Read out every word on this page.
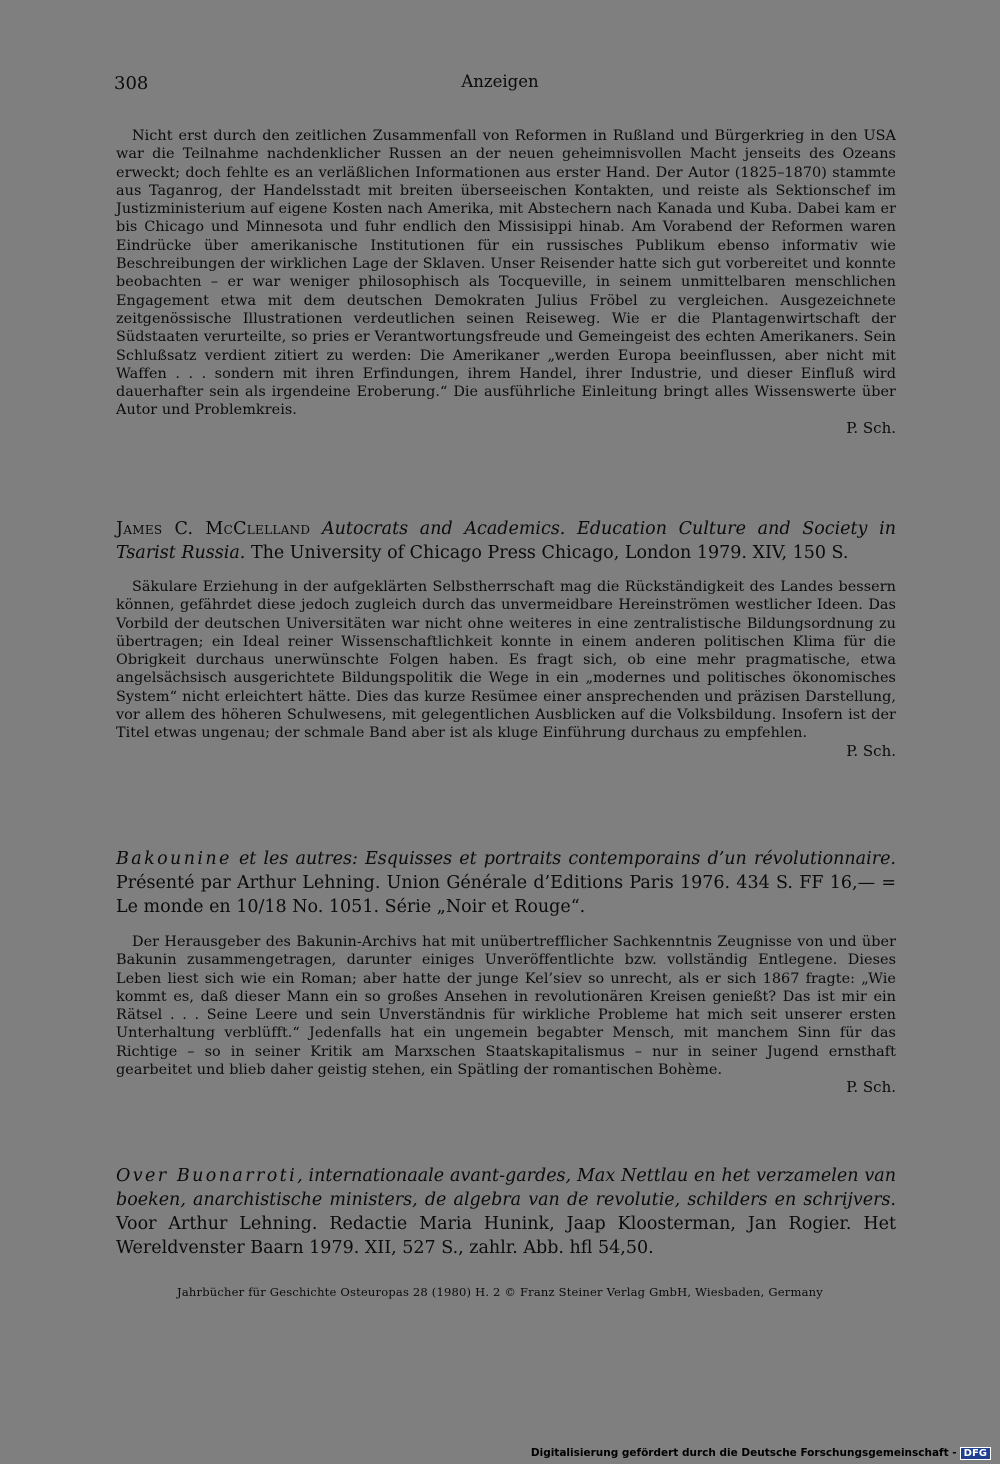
308	Anzeigen

Nicht erst durch den zeitlichen Zusammenfall von Reformen in Rußland und Bürgerkrieg in den USA war die Teilnahme nachdenklicher Russen an der neuen geheimnisvollen Macht jenseits des Ozeans erweckt; doch fehlte es an verläßlichen Informationen aus erster Hand. Der Autor (1825–1870) stammte aus Taganrog, der Handelsstadt mit breiten überseeischen Kontakten, und reiste als Sektionschef im Justizministerium auf eigene Kosten nach Amerika, mit Abstechern nach Kanada und Kuba. Dabei kam er bis Chicago und Minnesota und fuhr endlich den Missisippi hinab. Am Vorabend der Reformen waren Eindrücke über amerikanische Institutionen für ein russisches Publikum ebenso informativ wie Beschreibungen der wirklichen Lage der Sklaven. Unser Reisender hatte sich gut vorbereitet und konnte beobachten – er war weniger philosophisch als Tocqueville, in seinem unmittelbaren menschlichen Engagement etwa mit dem deutschen Demokraten Julius Fröbel zu vergleichen. Ausgezeichnete zeitgenössische Illustrationen verdeutlichen seinen Reiseweg. Wie er die Plantagenwirtschaft der Südstaaten verurteilte, so pries er Verantwortungsfreude und Gemeingeist des echten Amerikaners. Sein Schlußsatz verdient zitiert zu werden: Die Amerikaner „werden Europa beeinflussen, aber nicht mit Waffen . . . sondern mit ihren Erfindungen, ihrem Handel, ihrer Industrie, und dieser Einfluß wird dauerhafter sein als irgendeine Eroberung.“ Die ausführliche Einleitung bringt alles Wissenswerte über Autor und Problemkreis.

P. Sch.
James C. McClelland Autocrats and Academics. Education Culture and Society in Tsarist Russia. The University of Chicago Press Chicago, London 1979. XIV, 150 S.

Säkulare Erziehung in der aufgeklärten Selbstherrschaft mag die Rückständigkeit des Landes bessern können, gefährdet diese jedoch zugleich durch das unvermeidbare Hereinströmen westlicher Ideen. Das Vorbild der deutschen Universitäten war nicht ohne weiteres in eine zentralistische Bildungsordnung zu übertragen; ein Ideal reiner Wissenschaftlichkeit konnte in einem anderen politischen Klima für die Obrigkeit durchaus unerwünschte Folgen haben. Es fragt sich, ob eine mehr pragmatische, etwa angelsächsisch ausgerichtete Bildungspolitik die Wege in ein „modernes und politisches ökonomisches System“ nicht erleichtert hätte. Dies das kurze Resümee einer ansprechenden und präzisen Darstellung, vor allem des höheren Schulwesens, mit gelegentlichen Ausblicken auf die Volksbildung. Insofern ist der Titel etwas ungenau; der schmale Band aber ist als kluge Einführung durchaus zu empfehlen.

P. Sch.
Bakounine et les autres: Esquisses et portraits contemporains d’un révolutionnaire. Présenté par Arthur Lehning. Union Générale d’Editions Paris 1976. 434 S. FF 16,— = Le monde en 10/18 No. 1051. Série „Noir et Rouge“.

Der Herausgeber des Bakunin-Archivs hat mit unübertrefflicher Sachkenntnis Zeugnisse von und über Bakunin zusammengetragen, darunter einiges Unveröffentlichte bzw. vollständig Entlegene. Dieses Leben liest sich wie ein Roman; aber hatte der junge Kel’siev so unrecht, als er sich 1867 fragte: „Wie kommt es, daß dieser Mann ein so großes Ansehen in revolutionären Kreisen genießt? Das ist mir ein Rätsel . . . Seine Leere und sein Unverständnis für wirkliche Probleme hat mich seit unserer ersten Unterhaltung verblüfft.“ Jedenfalls hat ein ungemein begabter Mensch, mit manchem Sinn für das Richtige – so in seiner Kritik am Marxschen Staatskapitalismus – nur in seiner Jugend ernsthaft gearbeitet und blieb daher geistig stehen, ein Spätling der romantischen Bohème.

P. Sch.
Over Buonarroti, internationaale avant-gardes, Max Nettlau en het verzamelen van boeken, anarchistische ministers, de algebra van de revolutie, schilders en schrijvers. Voor Arthur Lehning. Redactie Maria Hunink, Jaap Kloosterman, Jan Rogier. Het Wereldvenster Baarn 1979. XII, 527 S., zahlr. Abb. hfl 54,50.
Jahrbücher für Geschichte Osteuropas 28 (1980) H. 2 © Franz Steiner Verlag GmbH, Wiesbaden, Germany
Digitalisierung gefördert durch die Deutsche Forschungsgemeinschaft - DFG
